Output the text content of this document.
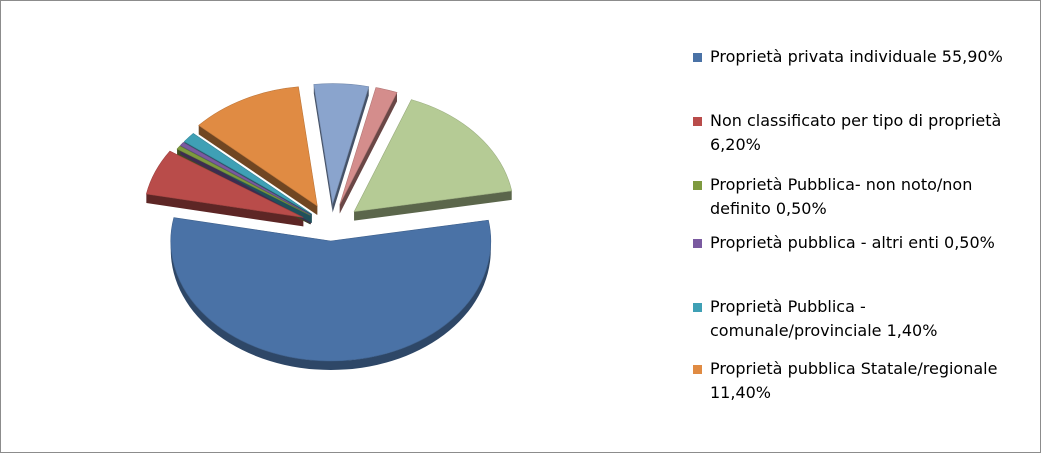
Proprietà privata individuale 55,90%
Non classificato per tipo di proprietà 6,20%
Proprietà Pubblica- non noto/non definito 0,50%
Proprietà pubblica - altri enti 0,50%
Proprietà Pubblica - comunale/provinciale 1,40%
Proprietà pubblica Statale/regionale 11,40%
